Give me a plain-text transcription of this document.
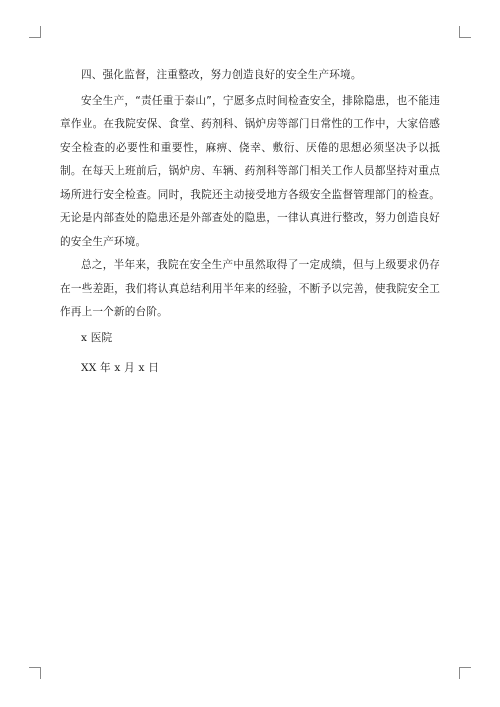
四、强化监督，注重整改，努力创造良好的安全生产环境。

安全生产，“责任重于泰山”，宁愿多点时间检查安全，排除隐患，也不能违章作业。在我院安保、食堂、药剂科、锅炉房等部门日常性的工作中，大家倍感安全检查的必要性和重要性，麻痹、侥幸、敷衍、厌倦的思想必须坚决予以抵制。在每天上班前后，锅炉房、车辆、药剂科等部门相关工作人员都坚持对重点场所进行安全检查。同时，我院还主动接受地方各级安全监督管理部门的检查。无论是内部查处的隐患还是外部查处的隐患，一律认真进行整改，努力创造良好的安全生产环境。

总之，半年来，我院在安全生产中虽然取得了一定成绩，但与上级要求仍存在一些差距，我们将认真总结利用半年来的经验，不断予以完善，使我院安全工作再上一个新的台阶。

x 医院

XX 年 x 月 x 日
